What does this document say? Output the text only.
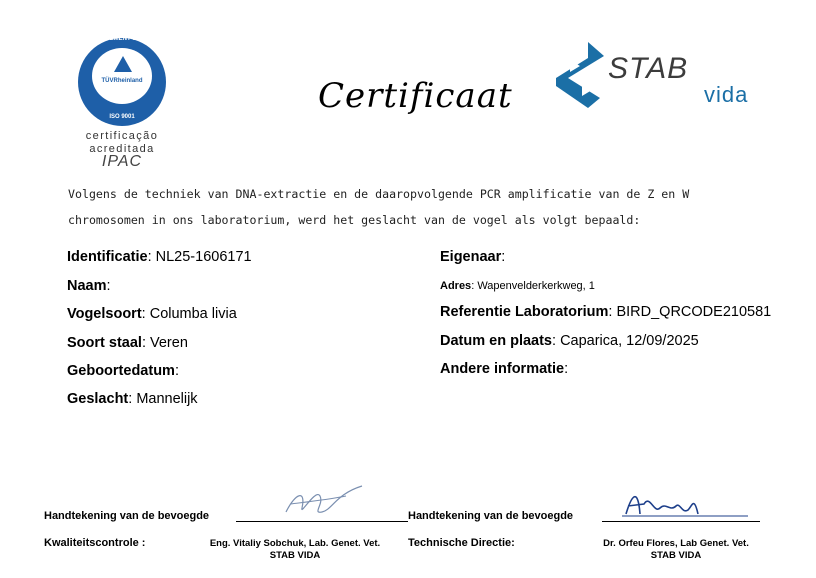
MANAGEMENT SYSTEM
TÜVRheinland
ISO 9001
certificação
acreditada
IPAC
Certificaat
STAB
vida
Volgens de techniek van DNA-extractie en de daaropvolgende PCR amplificatie van de Z en W
chromosomen in ons laboratorium, werd het geslacht van de vogel als volgt bepaald:
Identificatie: NL25-1606171
Naam:
Vogelsoort: Columba livia
Soort staal: Veren
Geboortedatum:
Geslacht: Mannelijk
Eigenaar:
Adres: Wapenvelderkerkweg, 1
Referentie Laboratorium: BIRD_QRCODE210581
Datum en plaats: Caparica, 12/09/2025
Andere informatie:
Handtekening van de bevoegde	Handtekening van de bevoegde
Kwaliteitscontrole :	Eng. Vitaliy Sobchuk, Lab. Genet. Vet.
STAB VIDA
Technische Directie:	Dr. Orfeu Flores, Lab Genet. Vet.
STAB VIDA
